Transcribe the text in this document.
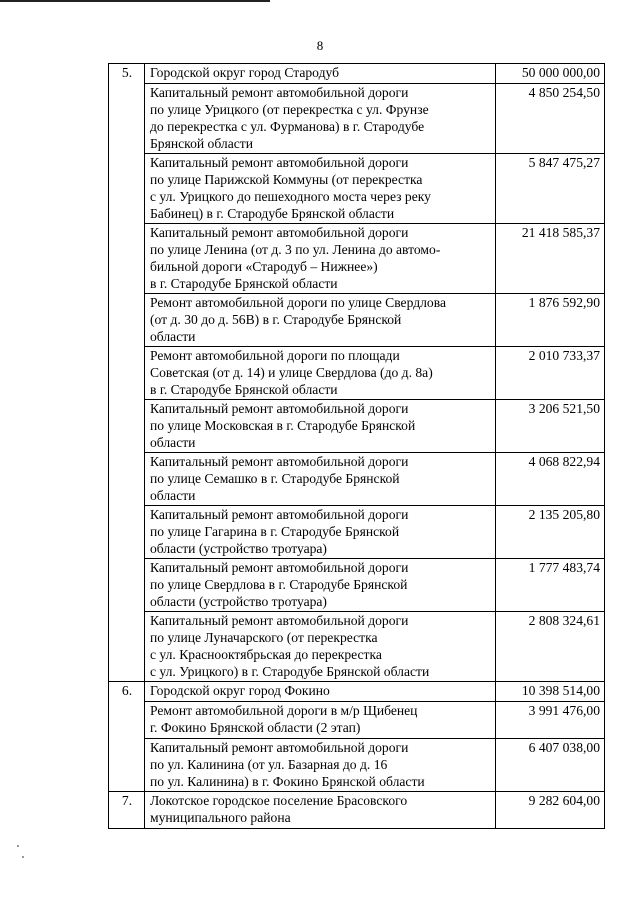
8
5.	Городской округ город Стародуб	50 000 000,00

	Капитальный ремонт автомобильной дороги
по улице Урицкого (от перекрестка с ул. Фрунзе
до перекрестка с ул. Фурманова) в г. Стародубе
Брянской области	4 850 254,50

	Капитальный ремонт автомобильной дороги
по улице Парижской Коммуны (от перекрестка
с ул. Урицкого до пешеходного моста через реку
Бабинец) в г. Стародубе Брянской области	5 847 475,27

	Капитальный ремонт автомобильной дороги
по улице Ленина (от д. 3 по ул. Ленина до автомо-
бильной дороги «Стародуб – Нижнее»)
в г. Стародубе Брянской области	21 418 585,37

	Ремонт автомобильной дороги по улице Свердлова
(от д. 30 до д. 56В) в г. Стародубе Брянской
области	1 876 592,90

	Ремонт автомобильной дороги по площади
Советская (от д. 14) и улице Свердлова (до д. 8а)
в г. Стародубе Брянской области	2 010 733,37

	Капитальный ремонт автомобильной дороги
по улице Московская в г. Стародубе Брянской
области	3 206 521,50

	Капитальный ремонт автомобильной дороги
по улице Семашко в г. Стародубе Брянской
области	4 068 822,94

	Капитальный ремонт автомобильной дороги
по улице Гагарина в г. Стародубе Брянской
области (устройство тротуара)	2 135 205,80

	Капитальный ремонт автомобильной дороги
по улице Свердлова в г. Стародубе Брянской
области (устройство тротуара)	1 777 483,74

	Капитальный ремонт автомобильной дороги
по улице Луначарского (от перекрестка
с ул. Краснооктябрьская до перекрестка
с ул. Урицкого) в г. Стародубе Брянской области	2 808 324,61
6.	Городской округ город Фокино	10 398 514,00

	Ремонт автомобильной дороги в м/р Щибенец
г. Фокино Брянской области (2 этап)	3 991 476,00

	Капитальный ремонт автомобильной дороги
по ул. Калинина (от ул. Базарная до д. 16
по ул. Калинина) в г. Фокино Брянской области	6 407 038,00
7.	Локотское городское поселение Брасовского
муниципального района	9 282 604,00
